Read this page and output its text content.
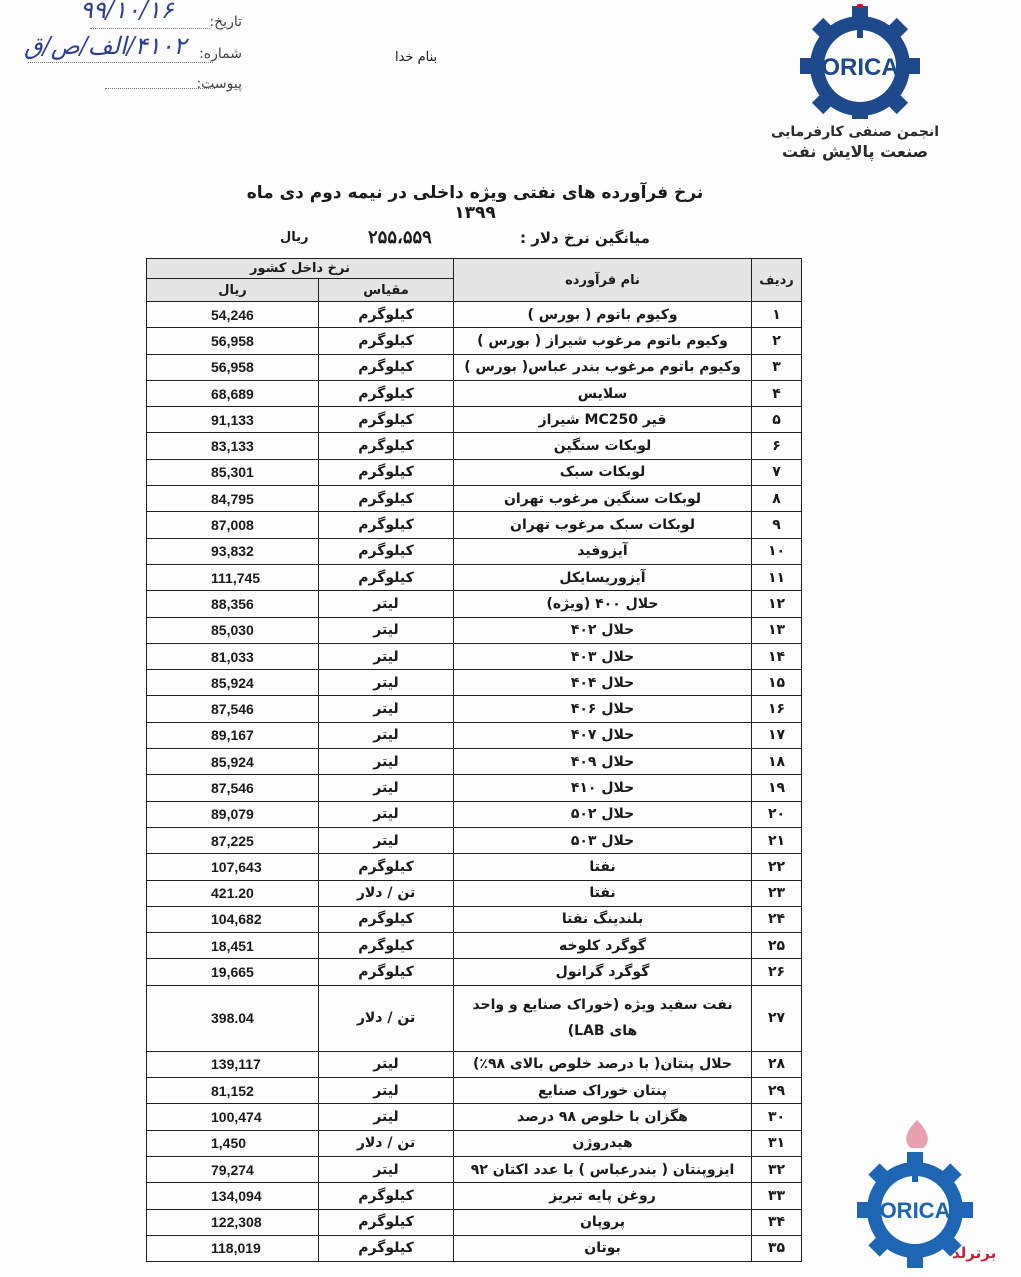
ORICA
انجمن صنفی کارفرمایی
صنعت پالایش نفت
تاریخ:
۹۹/۱۰/۱۶
شماره:
۴۱۰۲/الف/ص/ق
پیوست:
بنام خدا
نرخ فرآورده های نفتی ویژه داخلی در نیمه دوم دی ماه ۱۳۹۹
میانگین نرخ دلار :
۲۵۵،۵۵۹
ریال
نرخ داخل کشور		نام فرآورده	ردیف
ریال	مقیاس		
54,246	کیلوگرم	وکیوم باتوم ( بورس )	۱
56,958	کیلوگرم	وکیوم باتوم مرغوب شیراز ( بورس )	۲
56,958	کیلوگرم	وکیوم باتوم مرغوب بندر عباس( بورس )	۳
68,689	کیلوگرم	سلایس	۴
91,133	کیلوگرم	قیر MC250 شیراز	۵
83,133	کیلوگرم	لوبکات سنگین	۶
85,301	کیلوگرم	لوبکات سبک	۷
84,795	کیلوگرم	لوبکات سنگین مرغوب تهران	۸
87,008	کیلوگرم	لوبکات سبک مرغوب تهران	۹
93,832	کیلوگرم	آیزوفید	۱۰
111,745	کیلوگرم	آیزوریسایکل	۱۱
88,356	لیتر	حلال ۴۰۰ (ویژه)	۱۲
85,030	لیتر	حلال ۴۰۲	۱۳
81,033	لیتر	حلال ۴۰۳	۱۴
85,924	لیتر	حلال ۴۰۴	۱۵
87,546	لیتر	حلال ۴۰۶	۱۶
89,167	لیتر	حلال ۴۰۷	۱۷
85,924	لیتر	حلال ۴۰۹	۱۸
87,546	لیتر	حلال ۴۱۰	۱۹
89,079	لیتر	حلال ۵۰۲	۲۰
87,225	لیتر	حلال ۵۰۳	۲۱
107,643	کیلوگرم	نفتا	۲۲
421.20	تن / دلار	نفتا	۲۳
104,682	کیلوگرم	بلندینگ نفتا	۲۴
18,451	کیلوگرم	گوگرد کلوخه	۲۵
19,665	کیلوگرم	گوگرد گرانول	۲۶
398.04	تن / دلار	نفت سفید ویژه (خوراک صنایع و واحد های LAB)	۲۷
139,117	لیتر	حلال پنتان( با درصد خلوص بالای ۹۸٪)	۲۸
81,152	لیتر	پنتان خوراک صنایع	۲۹
100,474	لیتر	هگزان با خلوص ۹۸ درصد	۳۰
1,450	تن / دلار	هیدروژن	۳۱
79,274	لیتر	ایزوپنتان ( بندرعباس ) با عدد اکتان ۹۲	۳۲
134,094	کیلوگرم	روغن پایه تبریز	۳۳
122,308	کیلوگرم	پروپان	۳۴
118,019	کیلوگرم	بوتان	۳۵
ORICA
برترلد
